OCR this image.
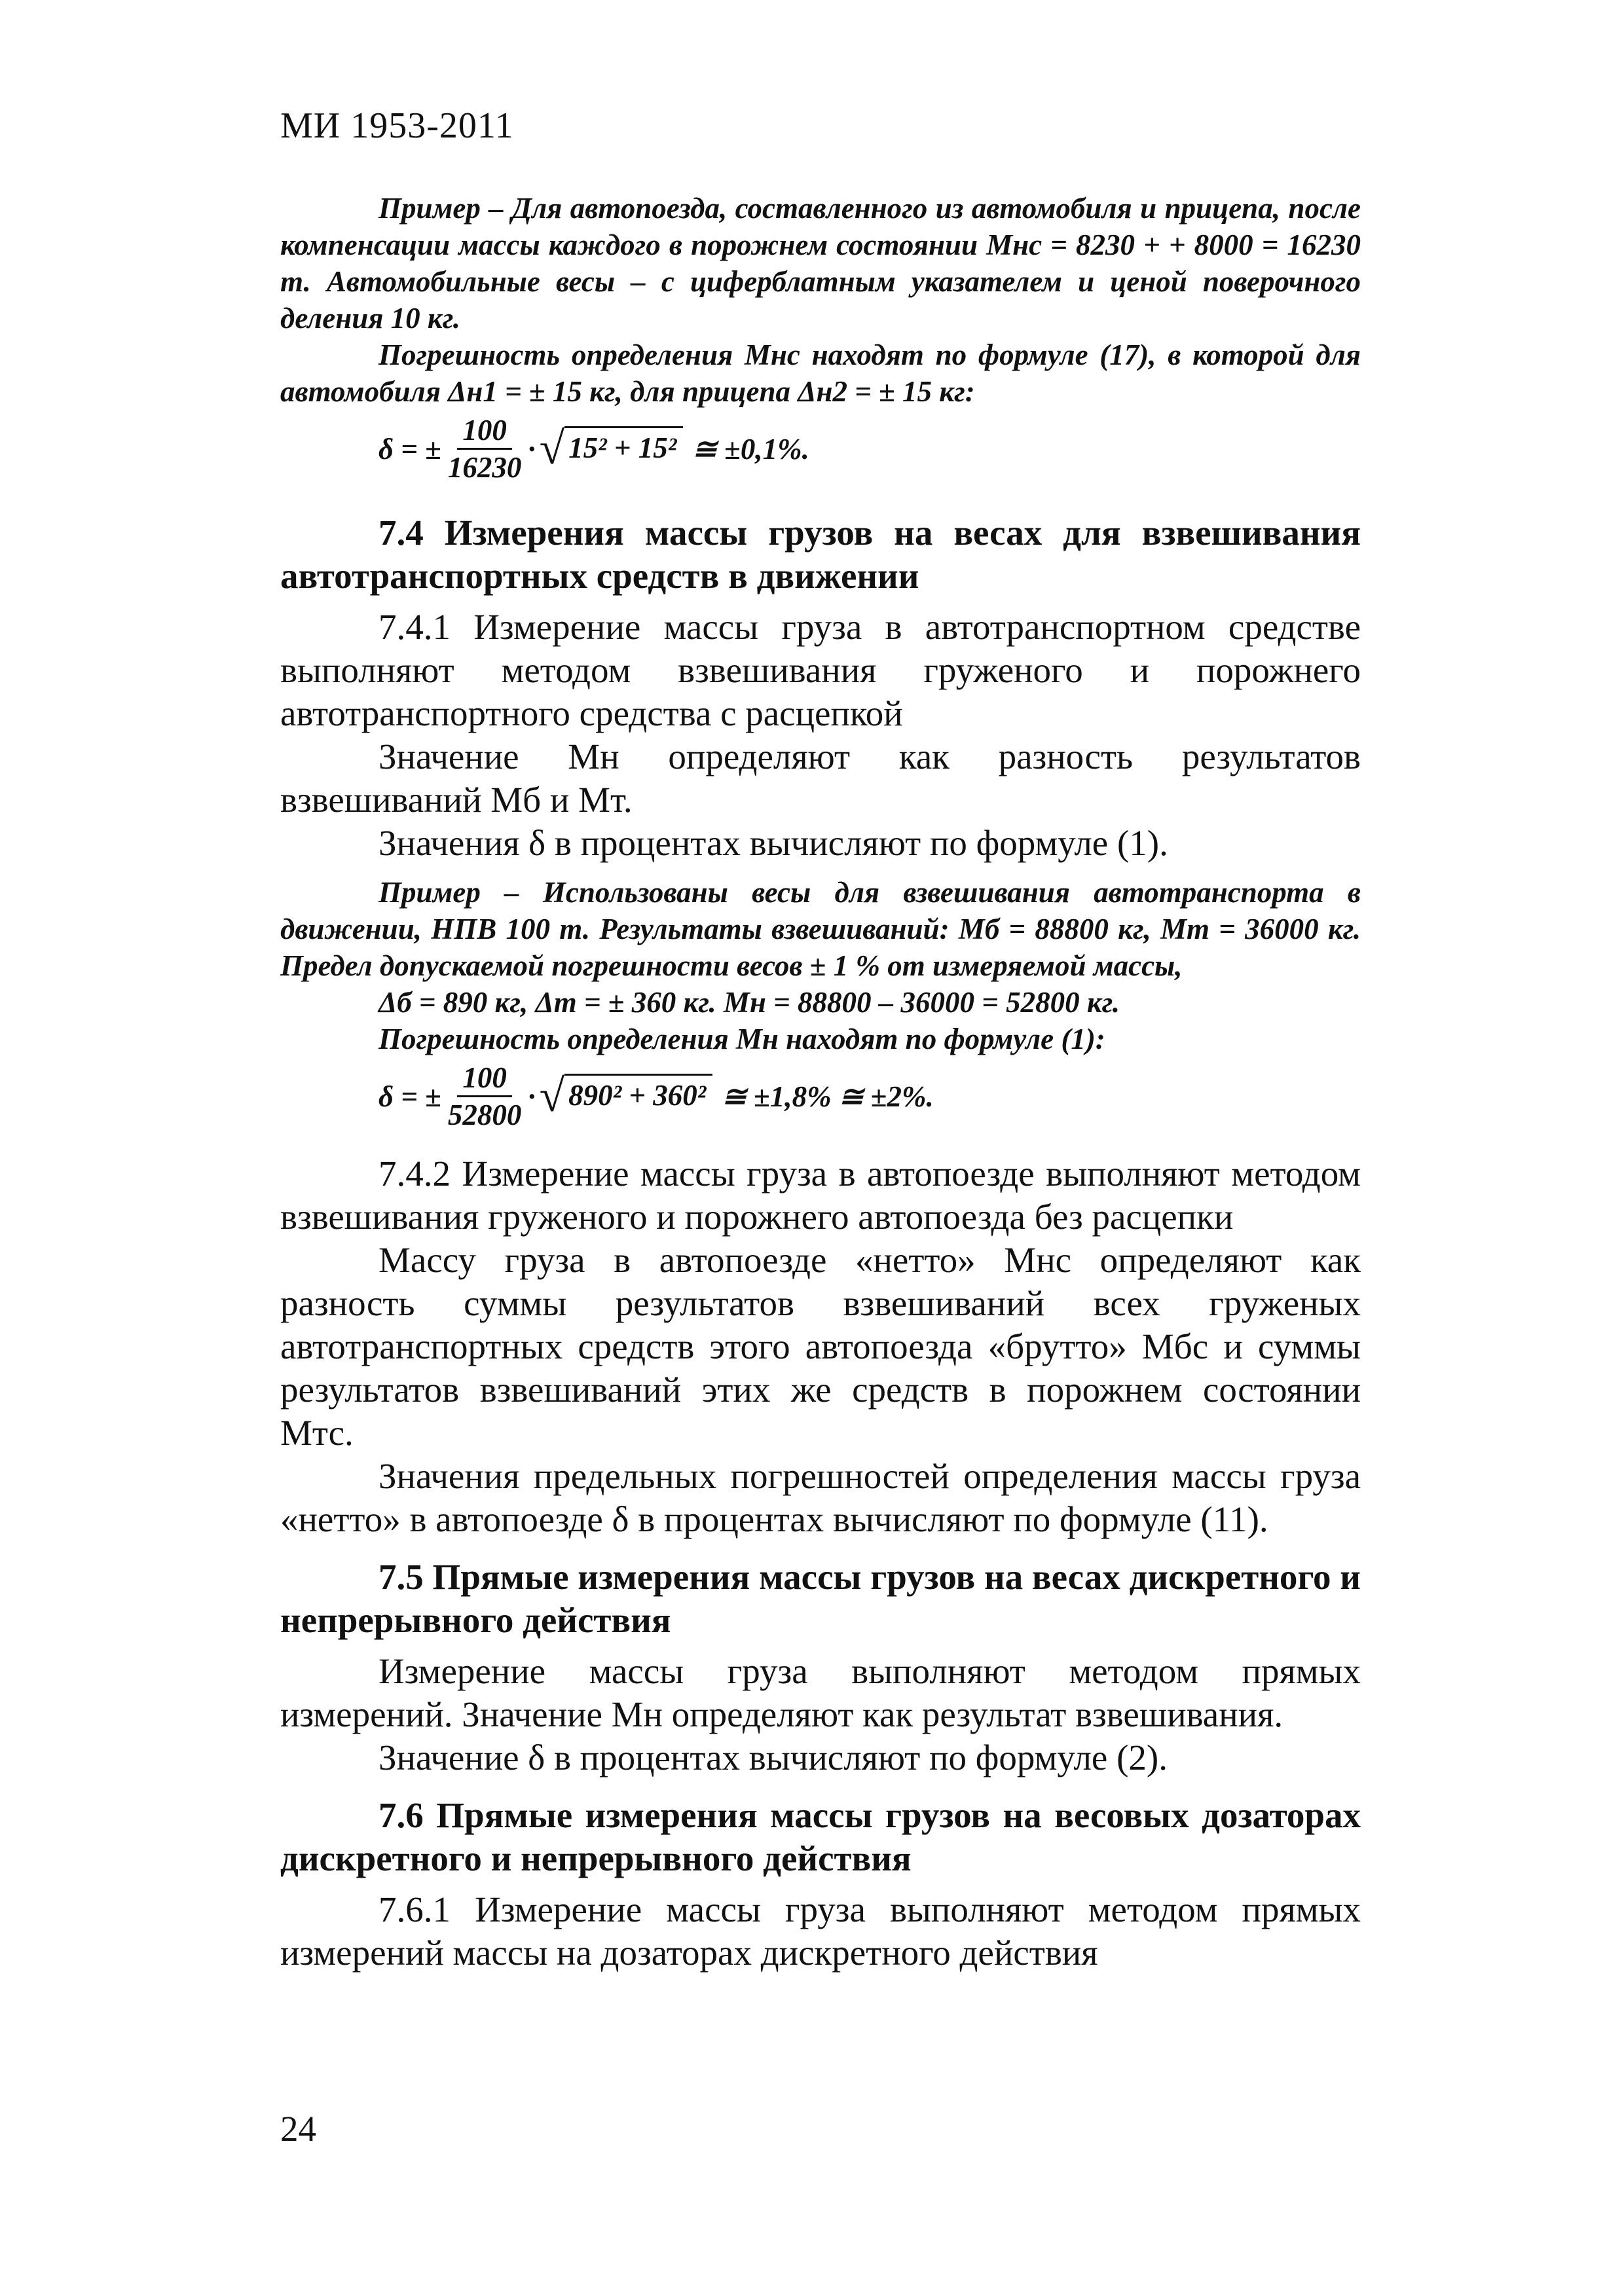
МИ 1953-2011

Пример – Для автопоезда, составленного из автомобиля и прицепа, после компенсации массы каждого в порожнем состоянии Мнс = 8230 + + 8000 = 16230 т. Автомобильные весы – с циферблатным указателем и ценой поверочного деления 10 кг.

Погрешность определения Мнс находят по формуле (17), в которой для автомобиля Δн1 = ± 15 кг, для прицепа Δн2 = ± 15 кг:

δ = ± $\frac{100}{16230}$ · √ 15² + 15² ≅ ±0,1%.
7.4 Измерения массы грузов на весах для взвешивания автотранспортных средств в движении

7.4.1 Измерение массы груза в автотранспортном средстве выполняют методом взвешивания груженого и порожнего автотранспортного средства с расцепкой

Значение Мн определяют как разность результатов взвешиваний Мб и Мт.

Значения δ в процентах вычисляют по формуле (1).

Пример – Использованы весы для взвешивания автотранспорта в движении, НПВ 100 т. Результаты взвешиваний: Мб = 88800 кг, Мт = 36000 кг. Предел допускаемой погрешности весов ± 1 % от измеряемой массы,

Δб = 890 кг, Δт = ± 360 кг. Мн = 88800 – 36000 = 52800 кг.

Погрешность определения Мн находят по формуле (1):

δ = ± $\frac{100}{52800}$ · √ 890² + 360² ≅ ±1,8% ≅ ±2%.

7.4.2 Измерение массы груза в автопоезде выполняют методом взвешивания груженого и порожнего автопоезда без расцепки

Массу груза в автопоезде «нетто» Мнс определяют как разность суммы результатов взвешиваний всех груженых автотранспортных средств этого автопоезда «брутто» Мбс и суммы результатов взвешиваний этих же средств в порожнем состоянии Мтс.

Значения предельных погрешностей определения массы груза «нетто» в автопоезде δ в процентах вычисляют по формуле (11).

7.5 Прямые измерения массы грузов на весах дискретного и непрерывного действия

Измерение массы груза выполняют методом прямых измерений. Значение Мн определяют как результат взвешивания.

Значение δ в процентах вычисляют по формуле (2).

7.6 Прямые измерения массы грузов на весовых дозаторах дискретного и непрерывного действия

7.6.1 Измерение массы груза выполняют методом прямых измерений массы на дозаторах дискретного действия

24
